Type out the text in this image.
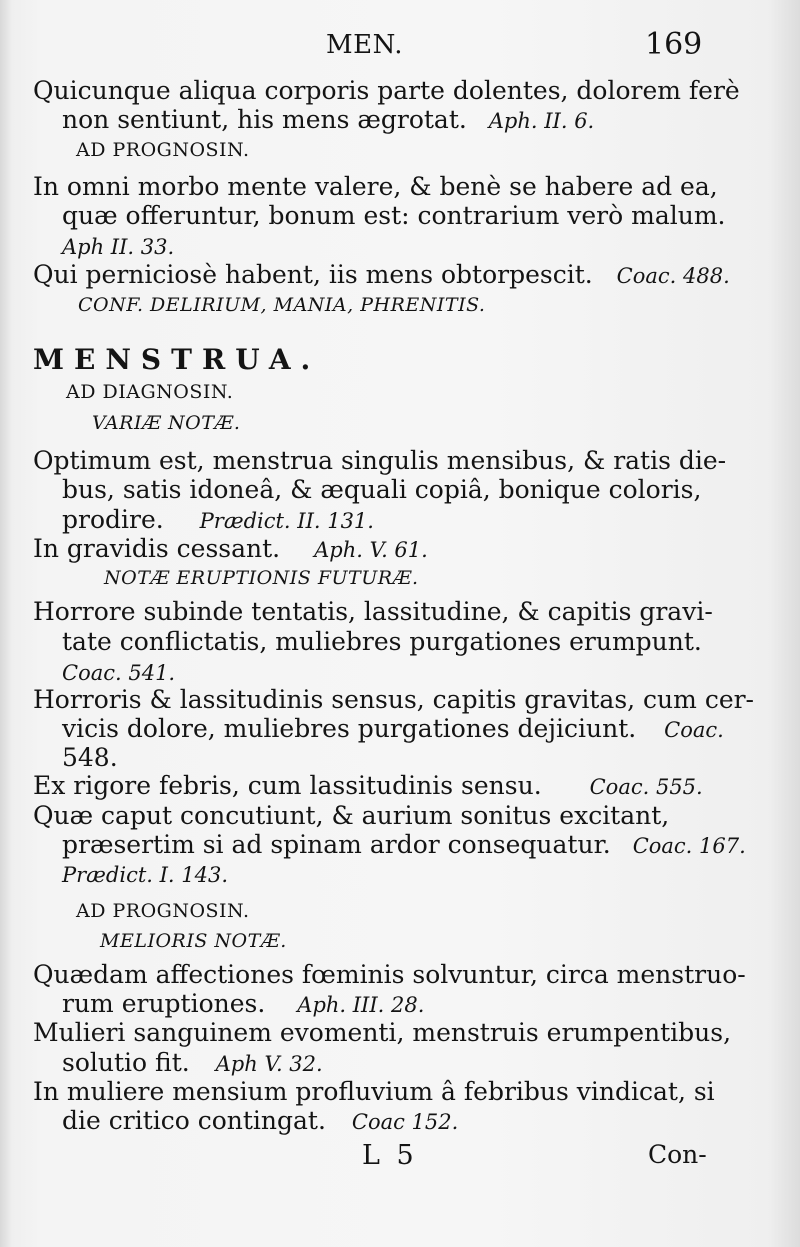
MEN.	169
Quicunque aliqua corporis parte dolentes, dolorem ferè
non sentiunt, his mens ægrotat. Aph. II. 6.
AD PROGNOSIN.
In omni morbo mente valere, & benè se habere ad ea,
quæ offeruntur, bonum est: contrarium verò malum.
Aph II. 33.
Qui perniciosè habent, iis mens obtorpescit. Coac. 488.
CONF. DELIRIUM, MANIA, PHRENITIS.
MENSTRUA.
AD DIAGNOSIN.
VARIÆ NOTÆ.
Optimum est, menstrua singulis mensibus, & ratis die-
bus, satis idoneâ, & æquali copiâ, bonique coloris,
prodire. Prædict. II. 131.
In gravidis cessant. Aph. V. 61.
NOTÆ ERUPTIONIS FUTURÆ.
Horrore subinde tentatis, lassitudine, & capitis gravi-
tate conflictatis, muliebres purgationes erumpunt.
Coac. 541.
Horroris & lassitudinis sensus, capitis gravitas, cum cer-
vicis dolore, muliebres purgationes dejiciunt. Coac.
548.
Ex rigore febris, cum lassitudinis sensu. Coac. 555.
Quæ caput concutiunt, & aurium sonitus excitant,
præsertim si ad spinam ardor consequatur. Coac. 167.
Prædict. I. 143.
AD PROGNOSIN.
MELIORIS NOTÆ.
Quædam affectiones fœminis solvuntur, circa menstruo-
rum eruptiones. Aph. III. 28.
Mulieri sanguinem evomenti, menstruis erumpentibus,
solutio fit. Aph V. 32.
In muliere mensium profluvium â febribus vindicat, si
die critico contingat. Coac 152.
L 5	Con-
